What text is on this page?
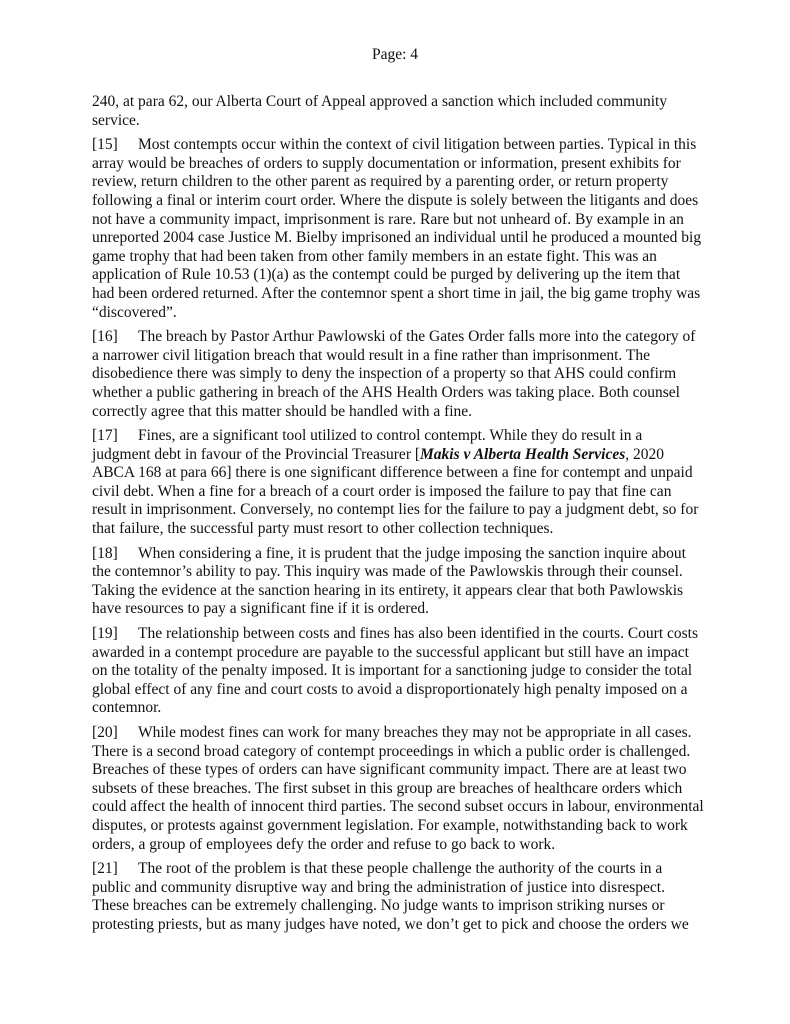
Page: 4

240, at para 62, our Alberta Court of Appeal approved a sanction which included community service.

[15] Most contempts occur within the context of civil litigation between parties. Typical in this array would be breaches of orders to supply documentation or information, present exhibits for review, return children to the other parent as required by a parenting order, or return property following a final or interim court order. Where the dispute is solely between the litigants and does not have a community impact, imprisonment is rare. Rare but not unheard of. By example in an unreported 2004 case Justice M. Bielby imprisoned an individual until he produced a mounted big game trophy that had been taken from other family members in an estate fight. This was an application of Rule 10.53 (1)(a) as the contempt could be purged by delivering up the item that had been ordered returned. After the contemnor spent a short time in jail, the big game trophy was “discovered”.

[16] The breach by Pastor Arthur Pawlowski of the Gates Order falls more into the category of a narrower civil litigation breach that would result in a fine rather than imprisonment. The disobedience there was simply to deny the inspection of a property so that AHS could confirm whether a public gathering in breach of the AHS Health Orders was taking place. Both counsel correctly agree that this matter should be handled with a fine.

[17] Fines, are a significant tool utilized to control contempt. While they do result in a judgment debt in favour of the Provincial Treasurer [Makis v Alberta Health Services, 2020 ABCA 168 at para 66] there is one significant difference between a fine for contempt and unpaid civil debt. When a fine for a breach of a court order is imposed the failure to pay that fine can result in imprisonment. Conversely, no contempt lies for the failure to pay a judgment debt, so for that failure, the successful party must resort to other collection techniques.

[18] When considering a fine, it is prudent that the judge imposing the sanction inquire about the contemnor’s ability to pay. This inquiry was made of the Pawlowskis through their counsel. Taking the evidence at the sanction hearing in its entirety, it appears clear that both Pawlowskis have resources to pay a significant fine if it is ordered.

[19] The relationship between costs and fines has also been identified in the courts. Court costs awarded in a contempt procedure are payable to the successful applicant but still have an impact on the totality of the penalty imposed. It is important for a sanctioning judge to consider the total global effect of any fine and court costs to avoid a disproportionately high penalty imposed on a contemnor.

[20] While modest fines can work for many breaches they may not be appropriate in all cases. There is a second broad category of contempt proceedings in which a public order is challenged. Breaches of these types of orders can have significant community impact. There are at least two subsets of these breaches. The first subset in this group are breaches of healthcare orders which could affect the health of innocent third parties. The second subset occurs in labour, environmental disputes, or protests against government legislation. For example, notwithstanding back to work orders, a group of employees defy the order and refuse to go back to work.

[21] The root of the problem is that these people challenge the authority of the courts in a public and community disruptive way and bring the administration of justice into disrespect. These breaches can be extremely challenging. No judge wants to imprison striking nurses or protesting priests, but as many judges have noted, we don’t get to pick and choose the orders we
